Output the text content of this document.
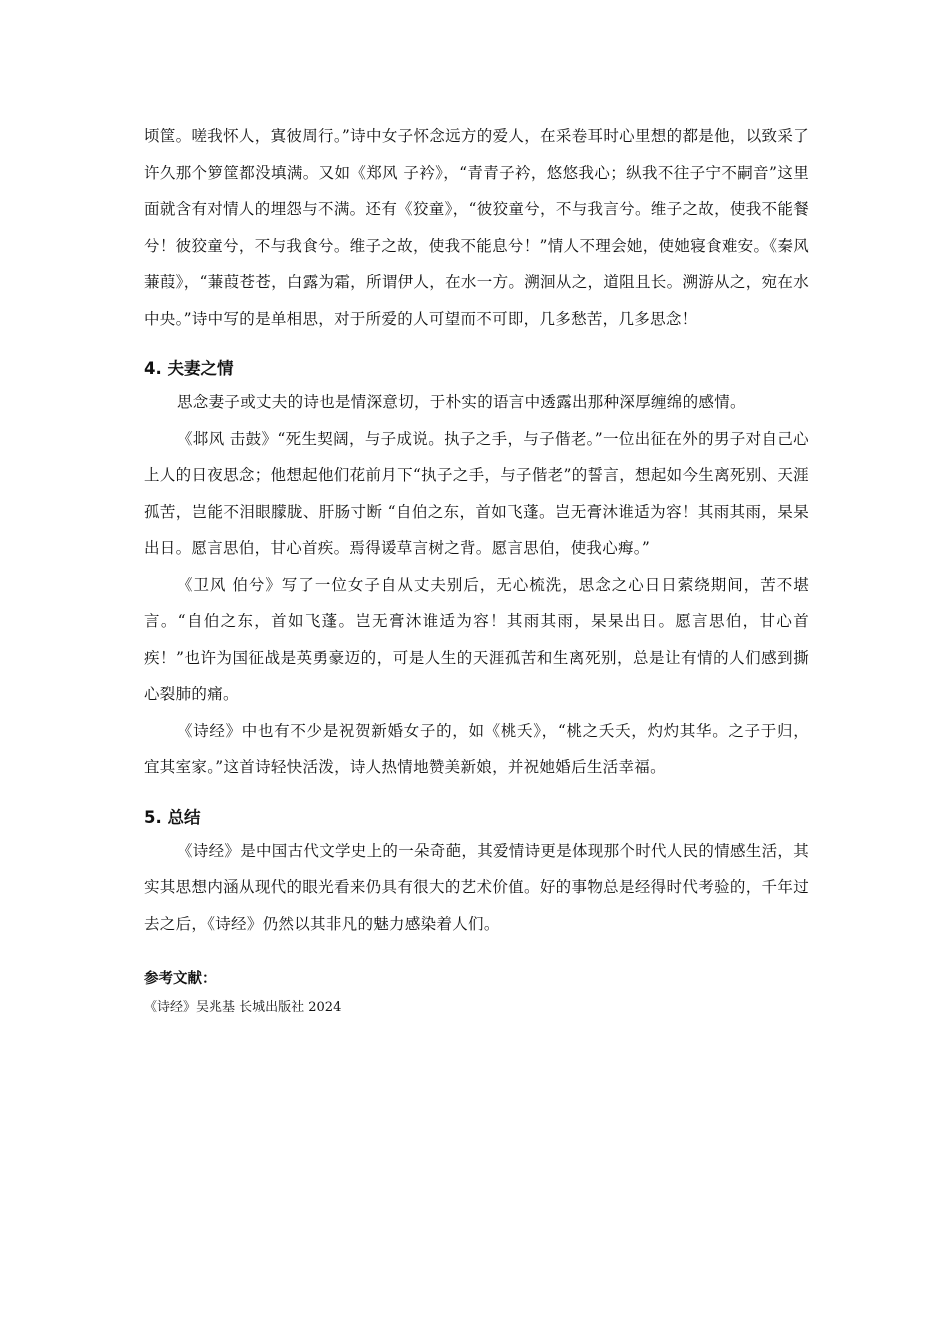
顷筐。嗟我怀人，寘彼周行。”诗中女子怀念远方的爱人，在采卷耳时心里想的都是他，以致采了许久那个箩筐都没填满。又如《郑风 子衿》，“青青子衿，悠悠我心；纵我不往子宁不嗣音”这里面就含有对情人的埋怨与不满。还有《狡童》，“彼狡童兮，不与我言兮。维子之故，使我不能餐兮！彼狡童兮，不与我食兮。维子之故，使我不能息兮！”情人不理会她，使她寝食难安。《秦风 蒹葭》，“蒹葭苍苍，白露为霜，所谓伊人，在水一方。溯洄从之，道阻且长。溯游从之，宛在水中央。”诗中写的是单相思，对于所爱的人可望而不可即，几多愁苦，几多思念！

4. 夫妻之情

思念妻子或丈夫的诗也是情深意切，于朴实的语言中透露出那种深厚缠绵的感情。

《邶风 击鼓》“死生契阔，与子成说。执子之手，与子偕老。”一位出征在外的男子对自己心上人的日夜思念；他想起他们花前月下“执子之手，与子偕老”的誓言，想起如今生离死别、天涯孤苦，岂能不泪眼朦胧、肝肠寸断 “自伯之东，首如飞蓬。岂无膏沐谁适为容！其雨其雨，杲杲出日。愿言思伯，甘心首疾。焉得谖草言树之背。愿言思伯，使我心痗。”

《卫风 伯兮》写了一位女子自从丈夫别后，无心梳洗，思念之心日日萦绕期间，苦不堪言。“自伯之东，首如飞蓬。岂无膏沐谁适为容！其雨其雨，杲杲出日。愿言思伯，甘心首疾！”也许为国征战是英勇豪迈的，可是人生的天涯孤苦和生离死别，总是让有情的人们感到撕心裂肺的痛。

《诗经》中也有不少是祝贺新婚女子的，如《桃夭》，“桃之夭夭，灼灼其华。之子于归，宜其室家。”这首诗轻快活泼，诗人热情地赞美新娘，并祝她婚后生活幸福。

5. 总结

《诗经》是中国古代文学史上的一朵奇葩，其爱情诗更是体现那个时代人民的情感生活，其实其思想内涵从现代的眼光看来仍具有很大的艺术价值。好的事物总是经得时代考验的，千年过去之后，《诗经》仍然以其非凡的魅力感染着人们。

参考文献：

《诗经》吴兆基 长城出版社 2024
